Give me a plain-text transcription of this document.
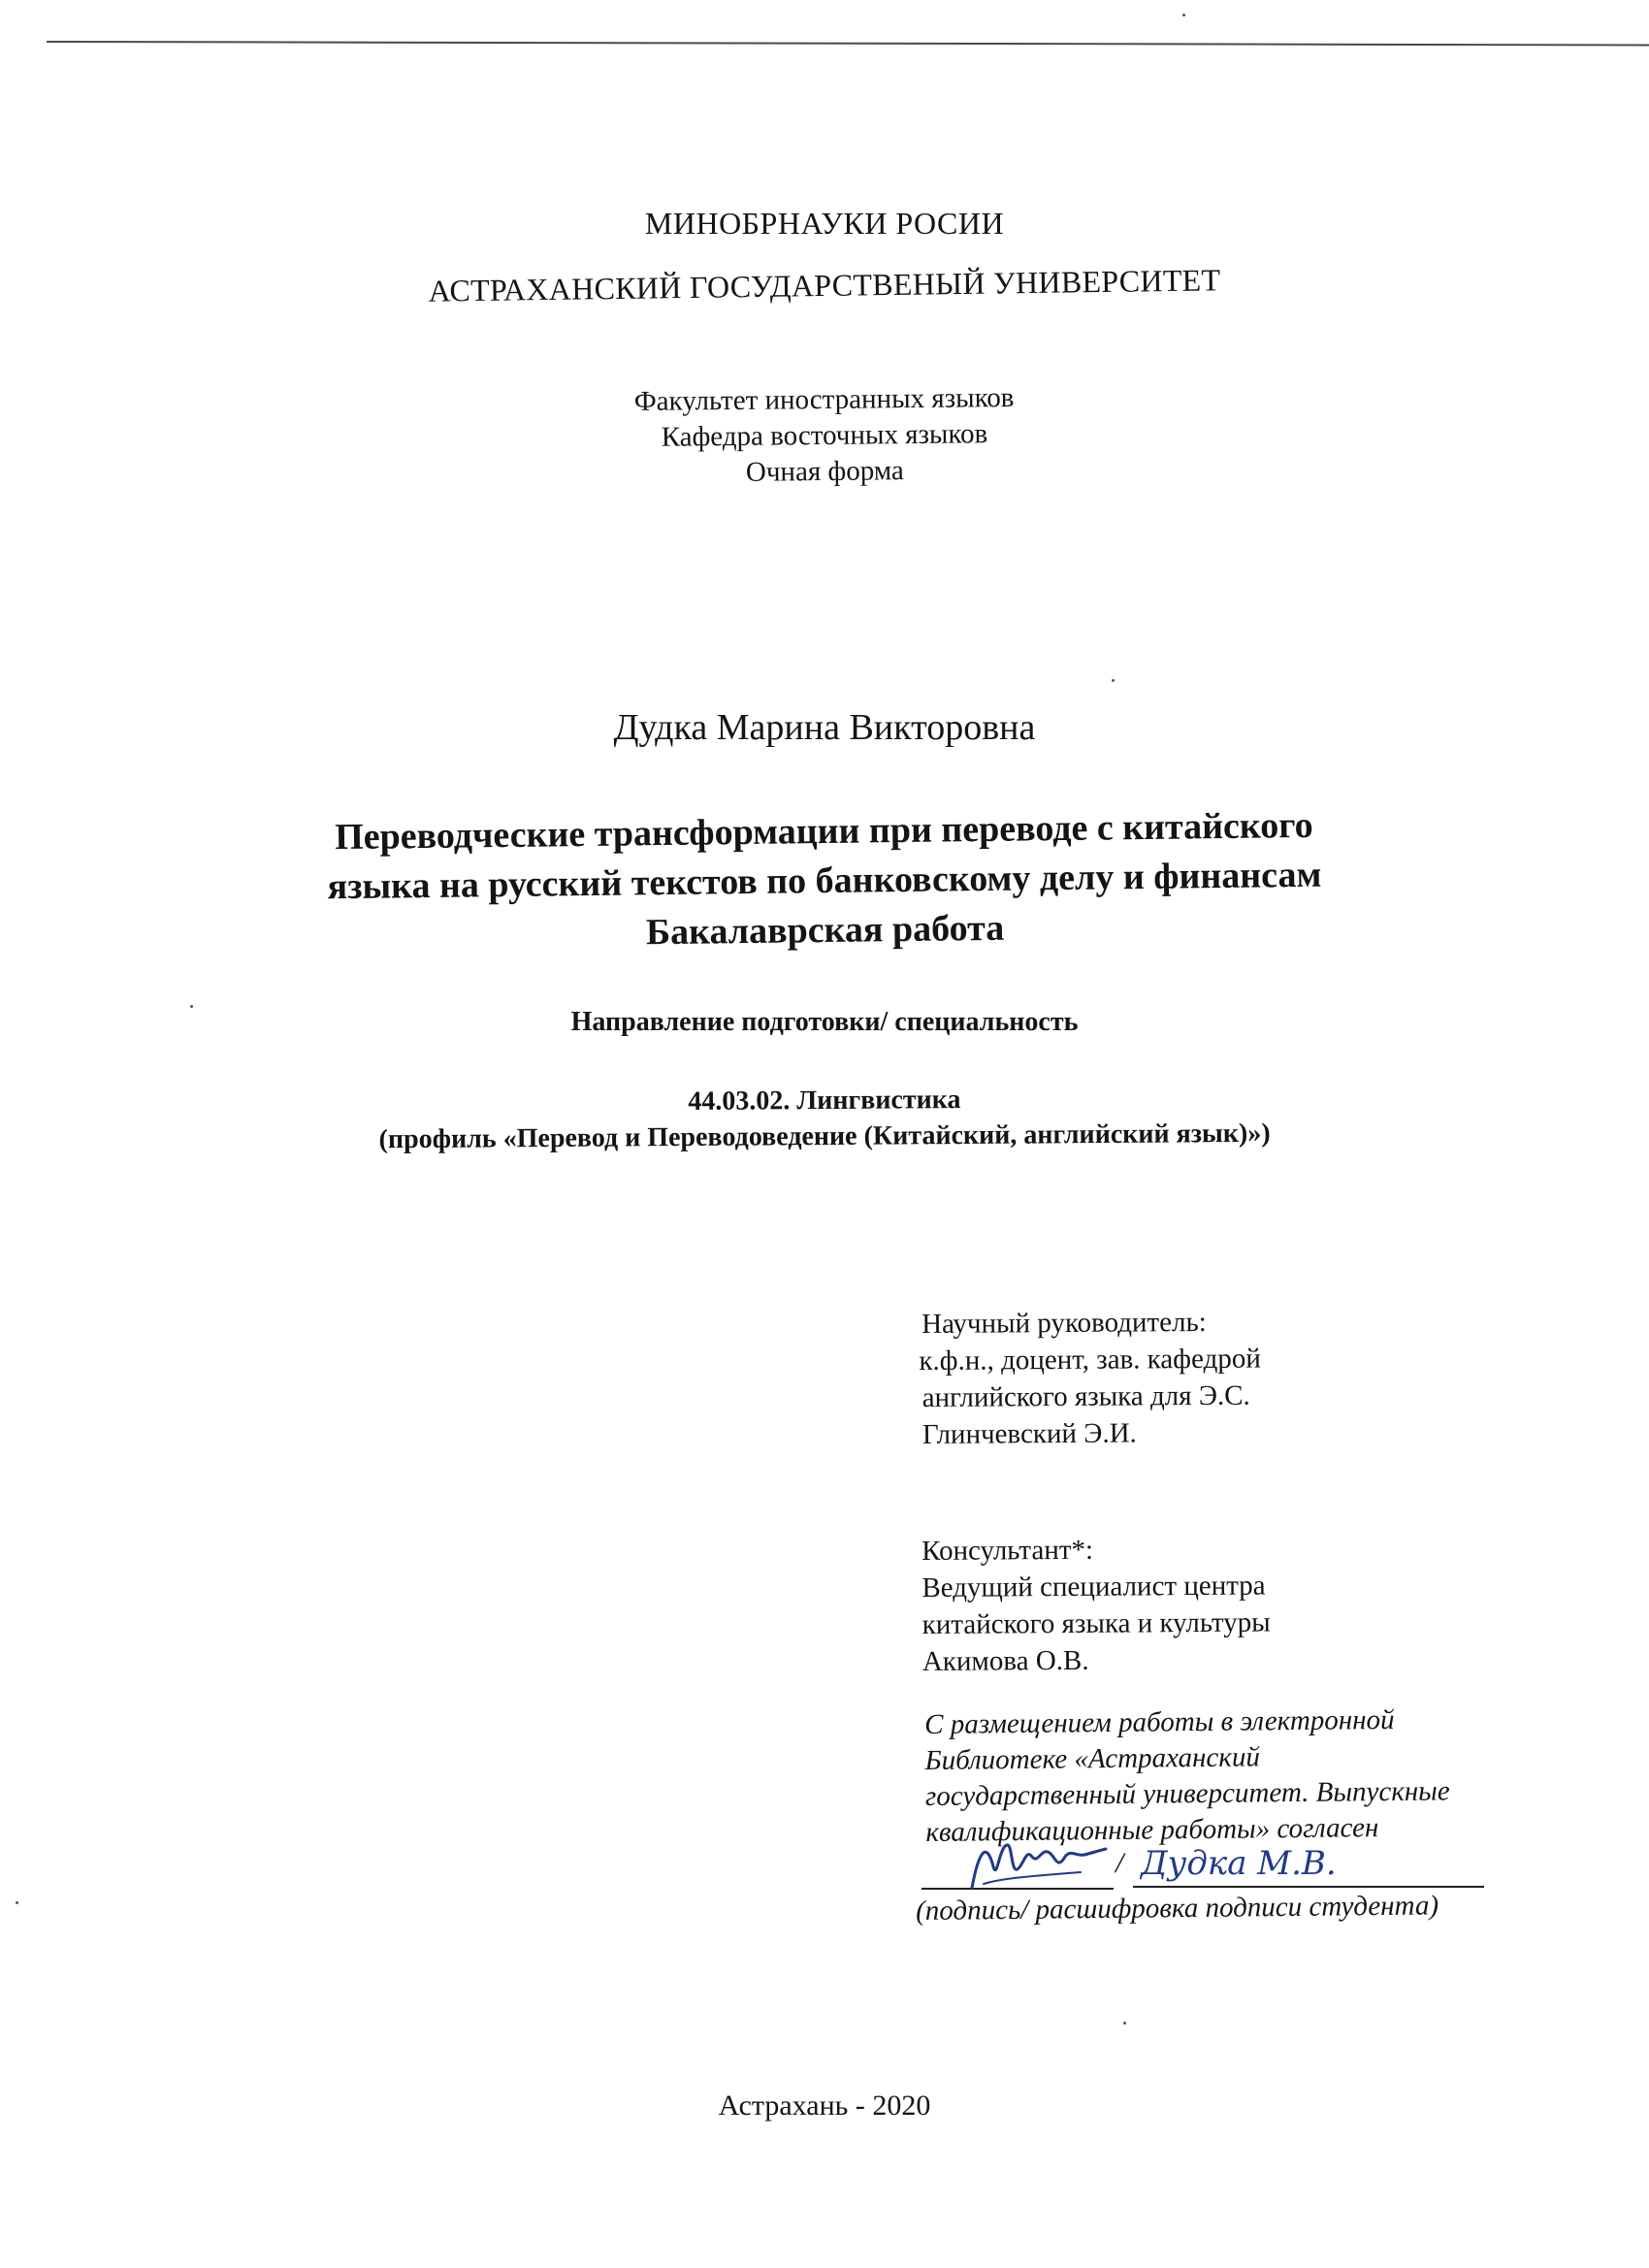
МИНОБРНАУКИ РОСИИ
АСТРАХАНСКИЙ ГОСУДАРСТВЕНЫЙ УНИВЕРСИТЕТ
Факультет иностранных языков
Кафедра восточных языков
Очная форма
Дудка Марина Викторовна
Переводческие трансформации при переводе с китайского
языка на русский текстов по банковскому делу и финансам
Бакалаврская работа
Направление подготовки/ специальность
44.03.02. Лингвистика
(профиль «Перевод и Переводоведение (Китайский, английский язык)»)
Научный руководитель:
к.ф.н., доцент, зав. кафедрой
английского языка для Э.С.
Глинчевский Э.И.
Консультант*:
Ведущий специалист центра
китайского языка и культуры
Акимова О.В.
С размещением работы в электронной
Библиотеке «Астраханский
государственный университет. Выпускные
квалификационные работы» согласен
/ Дудка М.В.
(подпись/ расшифровка подписи студента)
Астрахань - 2020
